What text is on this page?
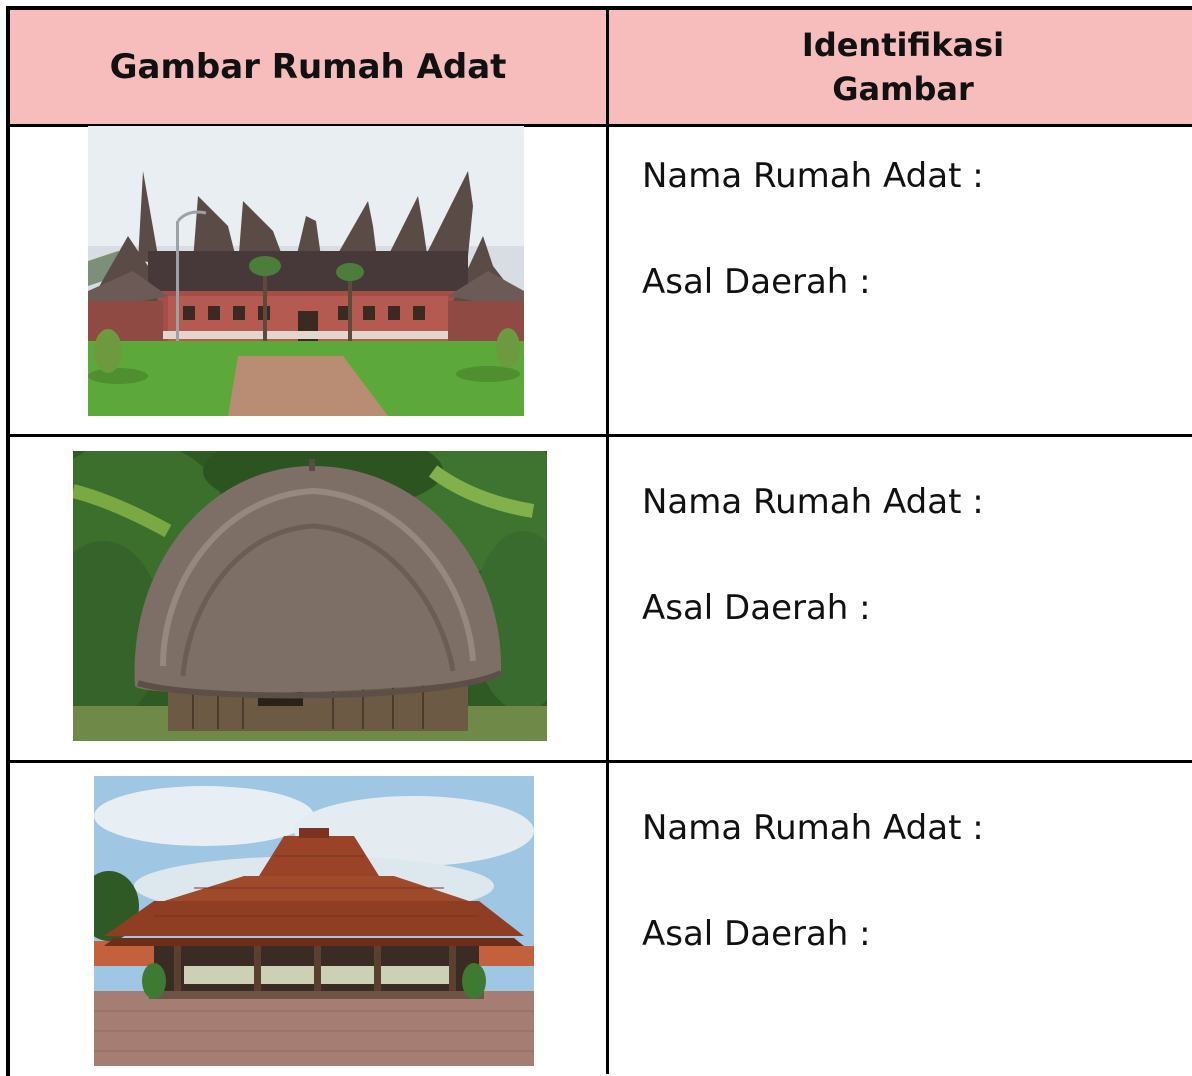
Gambar Rumah Adat
Identifikasi
Gambar
Nama Rumah Adat :
Asal Daerah :
Nama Rumah Adat :
Asal Daerah :
Nama Rumah Adat :
Asal Daerah :
